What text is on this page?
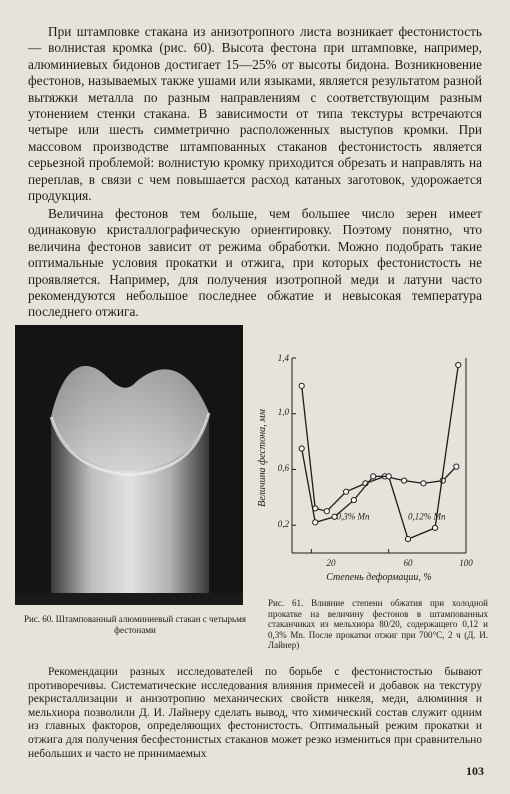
При штамповке стакана из анизотропного листа возникает фестонистость — волнистая кромка (рис. 60). Высота фестона при штамповке, например, алюминиевых бидонов достигает 15—25% от высоты бидона. Возникновение фестонов, называемых также ушами или языками, является результатом разной вытяжки металла по разным направлениям с соответствующим разным утонением стенки стакана. В зависимости от типа текстуры встречаются четыре или шесть симметрично расположенных выступов кромки. При массовом производстве штампованных стаканов фестонистость является серьезной проблемой: волнистую кромку приходится обрезать и направлять на переплав, в связи с чем повышается расход катаных заготовок, удорожается продукция.

Величина фестонов тем больше, чем большее число зерен имеет одинаковую кристаллографическую ориентировку. Поэтому понятно, что величина фестонов зависит от режима обработки. Можно подобрать такие оптимальные условия прокатки и отжига, при которых фестонистость не проявляется. Например, для получения изотропной меди и латуни часто рекомендуются небольшое последнее обжатие и невысокая температура последнего отжига.

Рис. 60. Штампованный алюминиевый стакан с четырьмя фестонами

Величина фестона, мм
Степень деформации, %
0,2
0,6
1,0
1,4
20	60	100
0,3% Mn	0,12% Mn

Рис. 61. Влияние степени обжатия при холодной прокатке на величину фестонов в штампованных стаканчиках из мельхиора 80/20, содержащего 0,12 и 0,3% Mn. После прокатки отжиг при 700°С, 2 ч (Д. И. Лайнер)

Рекомендации разных исследователей по борьбе с фестонистостью бывают противоречивы. Систематические исследования влияния примесей и добавок на текстуру рекристаллизации и анизотропию механических свойств никеля, меди, алюминия и мельхиора позволили Д. И. Лайнеру сделать вывод, что химический состав служит одним из главных факторов, определяющих фестонистость. Оптимальный режим прокатки и отжига для получения бесфестонистых стаканов может резко измениться при сравнительно небольших и часто не принимаемых

103
